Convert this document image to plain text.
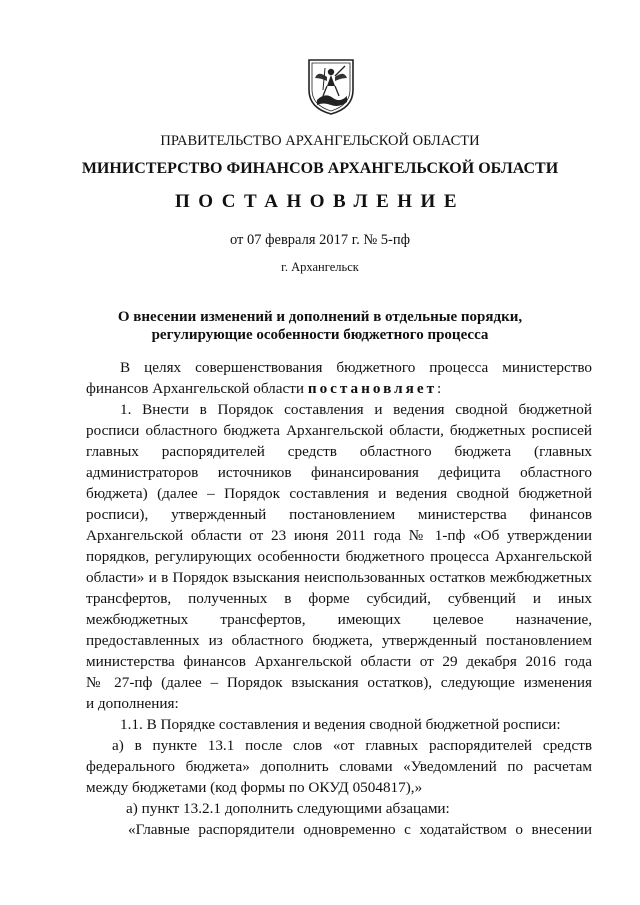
ПРАВИТЕЛЬСТВО АРХАНГЕЛЬСКОЙ ОБЛАСТИ
МИНИСТЕРСТВО ФИНАНСОВ АРХАНГЕЛЬСКОЙ ОБЛАСТИ
ПОСТАНОВЛЕНИЕ
от 07 февраля 2017 г. № 5-пф
г. Архангельск
О внесении изменений и дополнений в отдельные порядки,
регулирующие особенности бюджетного процесса
В целях совершенствования бюджетного процесса министерство
финансов Архангельской области постановляет:
1. Внести в Порядок составления и ведения сводной бюджетной
росписи областного бюджета Архангельской области, бюджетных росписей
главных распорядителей средств областного бюджета (главных
администраторов источников финансирования дефицита областного
бюджета) (далее – Порядок составления и ведения сводной бюджетной
росписи), утвержденный постановлением министерства финансов
Архангельской области от 23 июня 2011 года № 1-пф «Об утверждении
порядков, регулирующих особенности бюджетного процесса Архангельской
области» и в Порядок взыскания неиспользованных остатков межбюджетных
трансфертов, полученных в форме субсидий, субвенций и иных
межбюджетных трансфертов, имеющих целевое назначение,
предоставленных из областного бюджета, утвержденный постановлением
министерства финансов Архангельской области от 29 декабря 2016 года
№ 27-пф (далее – Порядок взыскания остатков), следующие изменения
и дополнения:
1.1. В Порядке составления и ведения сводной бюджетной росписи:
а) в пункте 13.1 после слов «от главных распорядителей средств
федерального бюджета» дополнить словами «Уведомлений по расчетам
между бюджетами (код формы по ОКУД 0504817),»
а) пункт 13.2.1 дополнить следующими абзацами:
«Главные распорядители одновременно с ходатайством о внесении
